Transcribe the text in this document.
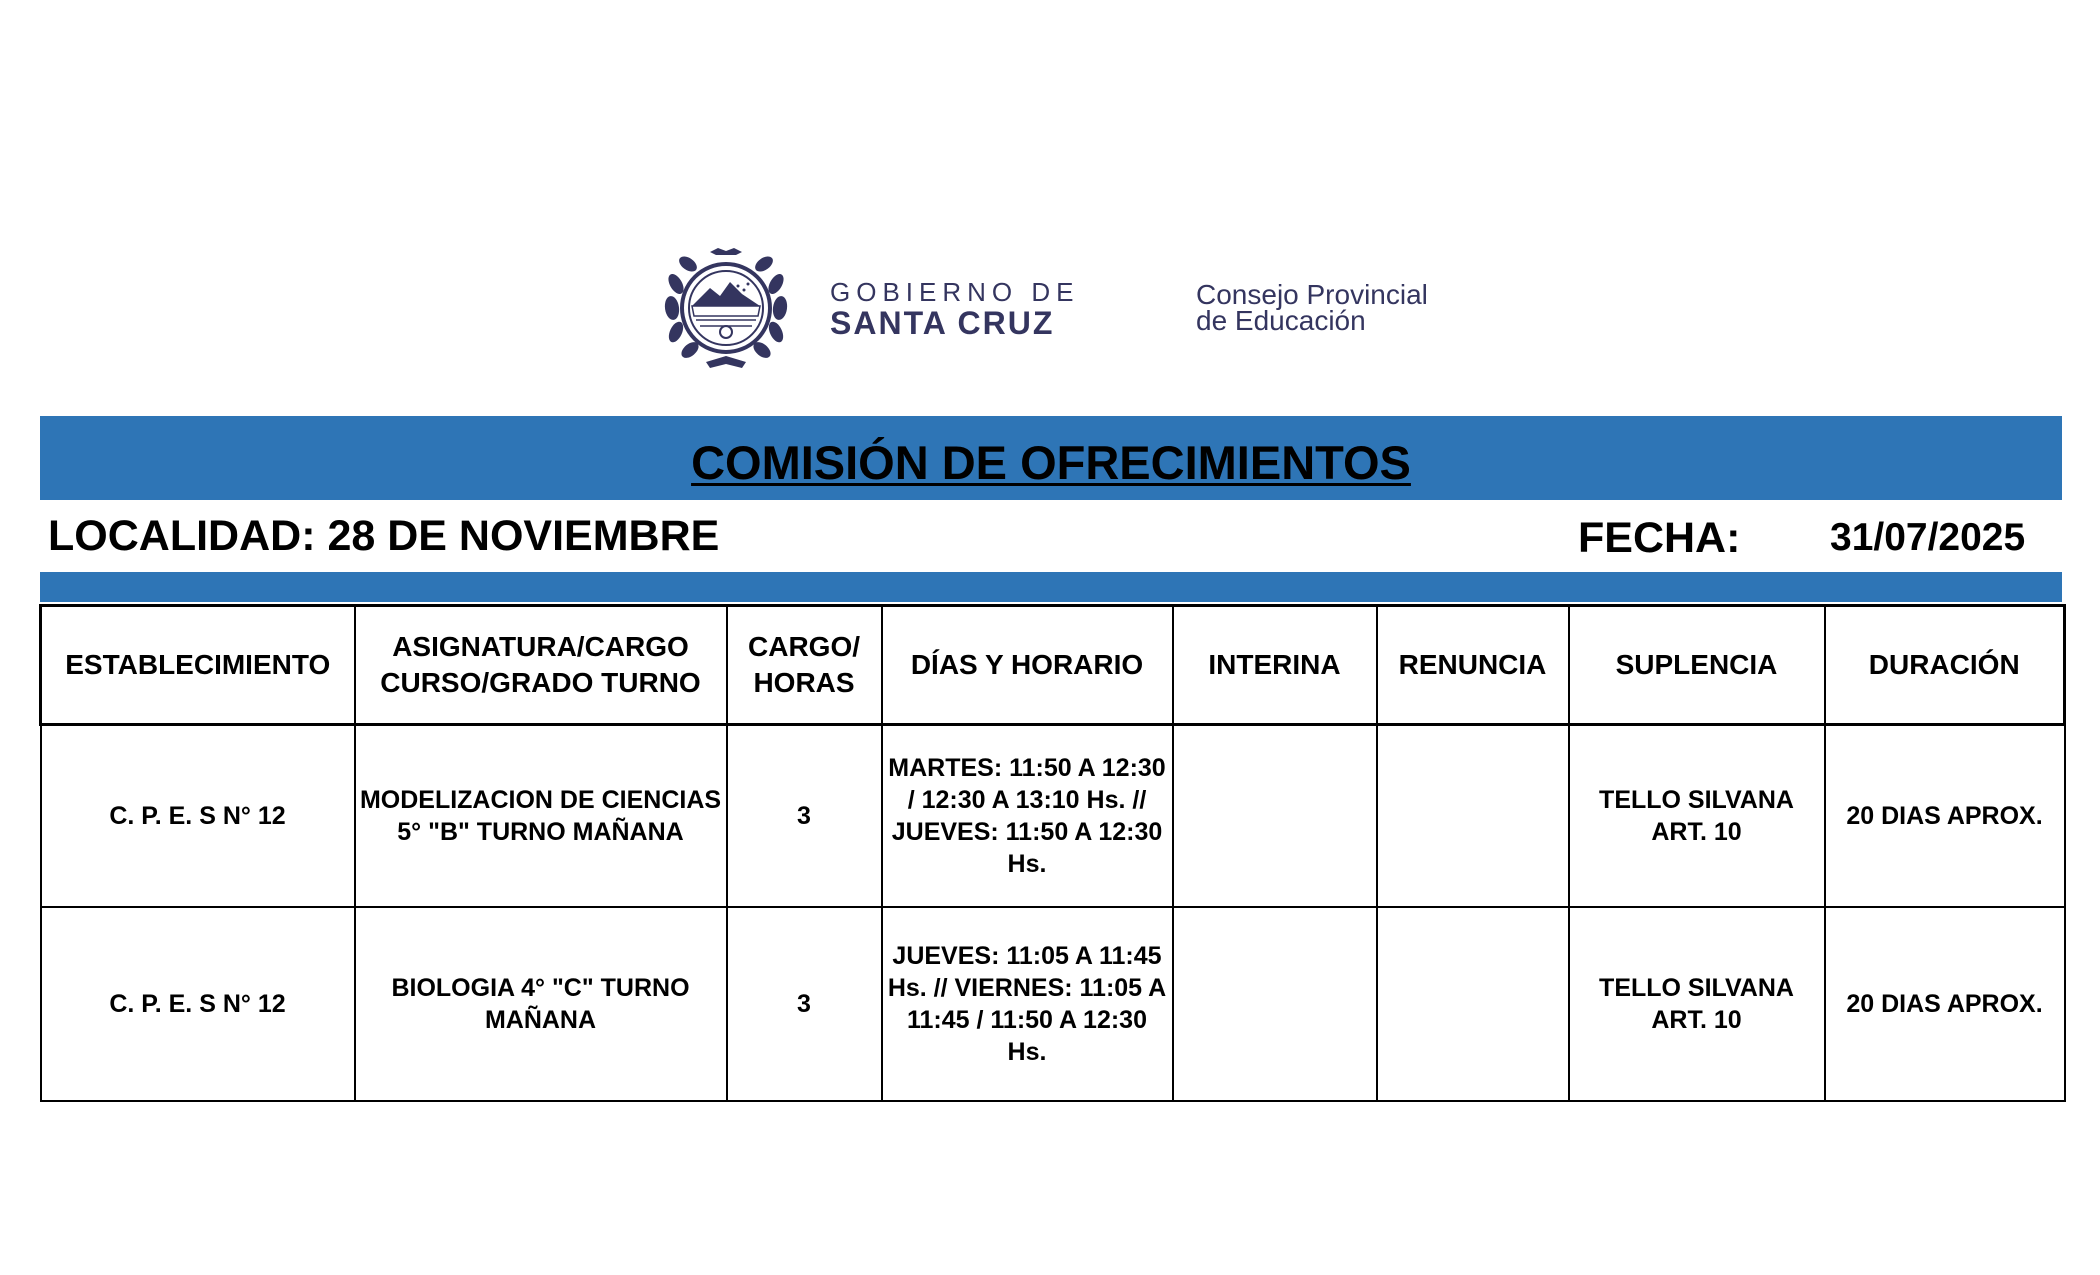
GOBIERNO DE
SANTA CRUZ
Consejo Provincial
de Educación
COMISIÓN DE OFRECIMIENTOS
LOCALIDAD: 28 DE NOVIEMBRE	FECHA: 31/07/2025
ESTABLECIMIENTO	ASIGNATURA/CARGO CURSO/GRADO TURNO	CARGO/ HORAS	DÍAS Y HORARIO	INTERINA	RENUNCIA	SUPLENCIA	DURACIÓN
C. P. E. S N° 12	MODELIZACION DE CIENCIAS 5° "B" TURNO MAÑANA	3	MARTES: 11:50 A 12:30 / 12:30 A 13:10 Hs. // JUEVES: 11:50 A 12:30 Hs.			TELLO SILVANA ART. 10	20 DIAS APROX.
C. P. E. S N° 12	BIOLOGIA 4° "C" TURNO MAÑANA	3	JUEVES: 11:05 A 11:45 Hs. // VIERNES: 11:05 A 11:45 / 11:50 A 12:30 Hs.			TELLO SILVANA ART. 10	20 DIAS APROX.
